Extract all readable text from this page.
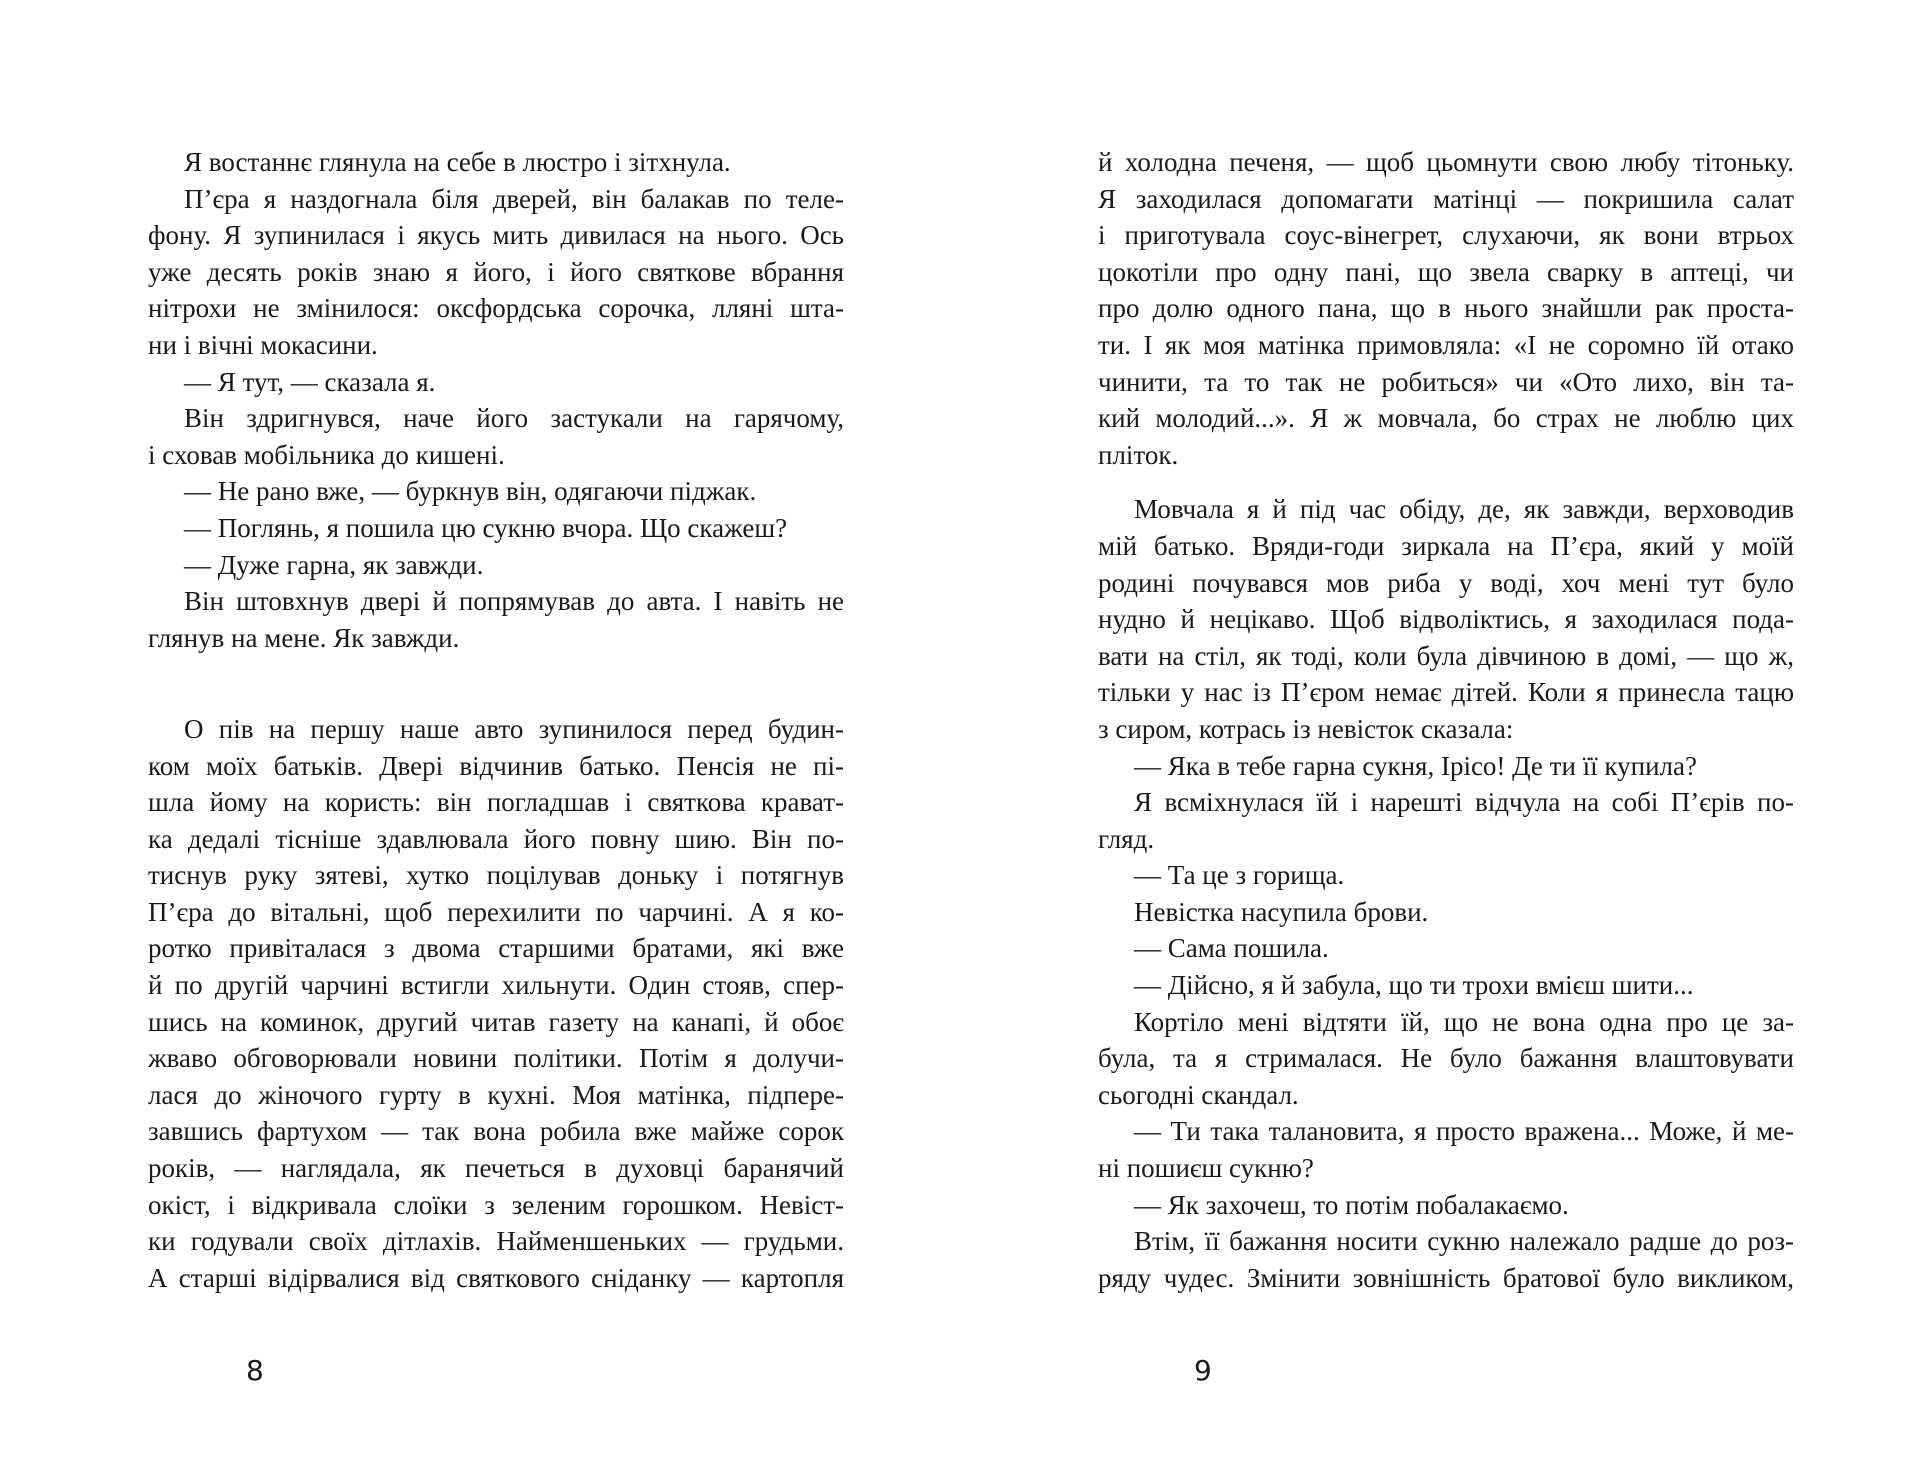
Я востаннє глянула на себе в люстро і зітхнула.
П’єра я наздогнала біля дверей, він балакав по теле-
фону. Я зупинилася і якусь мить дивилася на нього. Ось
уже десять років знаю я його, і його святкове вбрання
нітрохи не змінилося: оксфордська сорочка, лляні шта-
ни і вічні мокасини.
— Я тут, — сказала я.
Він здригнувся, наче його застукали на гарячому,
і сховав мобільника до кишені.
— Не рано вже, — буркнув він, одягаючи піджак.
— Поглянь, я пошила цю сукню вчора. Що скажеш?
— Дуже гарна, як завжди.
Він штовхнув двері й попрямував до авта. І навіть не
глянув на мене. Як завжди.
О пів на першу наше авто зупинилося перед будин-
ком моїх батьків. Двері відчинив батько. Пенсія не пі-
шла йому на користь: він погладшав і святкова крават-
ка дедалі тісніше здавлювала його повну шию. Він по-
тиснув руку зятеві, хутко поцілував доньку і потягнув
П’єра до вітальні, щоб перехилити по чарчині. А я ко-
ротко привіталася з двома старшими братами, які вже
й по другій чарчині встигли хильнути. Один стояв, спер-
шись на коминок, другий читав газету на канапі, й обоє
жваво обговорювали новини політики. Потім я долучи-
лася до жіночого гурту в кухні. Моя матінка, підпере-
завшись фартухом — так вона робила вже майже сорок
років, — наглядала, як печеться в духовці баранячий
окіст, і відкривала слоїки з зеленим горошком. Невіст-
ки годували своїх дітлахів. Найменшеньких — грудьми.
А старші відірвалися від святкового сніданку — картопля
й холодна печеня, — щоб цьомнути свою любу тітоньку.
Я заходилася допомагати матінці — покришила салат
і приготувала соус-вінегрет, слухаючи, як вони втрьох
цокотіли про одну пані, що звела сварку в аптеці, чи
про долю одного пана, що в нього знайшли рак проста-
ти. І як моя матінка примовляла: «І не соромно їй отако
чинити, та то так не робиться» чи «Ото лихо, він та-
кий молодий...». Я ж мовчала, бо страх не люблю цих
пліток.
Мовчала я й під час обіду, де, як завжди, верховодив
мій батько. Вряди-годи зиркала на П’єра, який у моїй
родині почувався мов риба у воді, хоч мені тут було
нудно й нецікаво. Щоб відволіктись, я заходилася пода-
вати на стіл, як тоді, коли була дівчиною в домі, — що ж,
тільки у нас із П’єром немає дітей. Коли я принесла тацю
з сиром, котрась із невісток сказала:
— Яка в тебе гарна сукня, Ірісо! Де ти її купила?
Я всміхнулася їй і нарешті відчула на собі П’єрів по-
гляд.
— Та це з горища.
Невістка насупила брови.
— Сама пошила.
— Дійсно, я й забула, що ти трохи вмієш шити...
Кортіло мені відтяти їй, що не вона одна про це за-
була, та я стрималася. Не було бажання влаштовувати
сьогодні скандал.
— Ти така талановита, я просто вражена... Може, й ме-
ні пошиєш сукню?
— Як захочеш, то потім побалакаємо.
Втім, її бажання носити сукню належало радше до роз-
ряду чудес. Змінити зовнішність братової було викликом,
8	9
